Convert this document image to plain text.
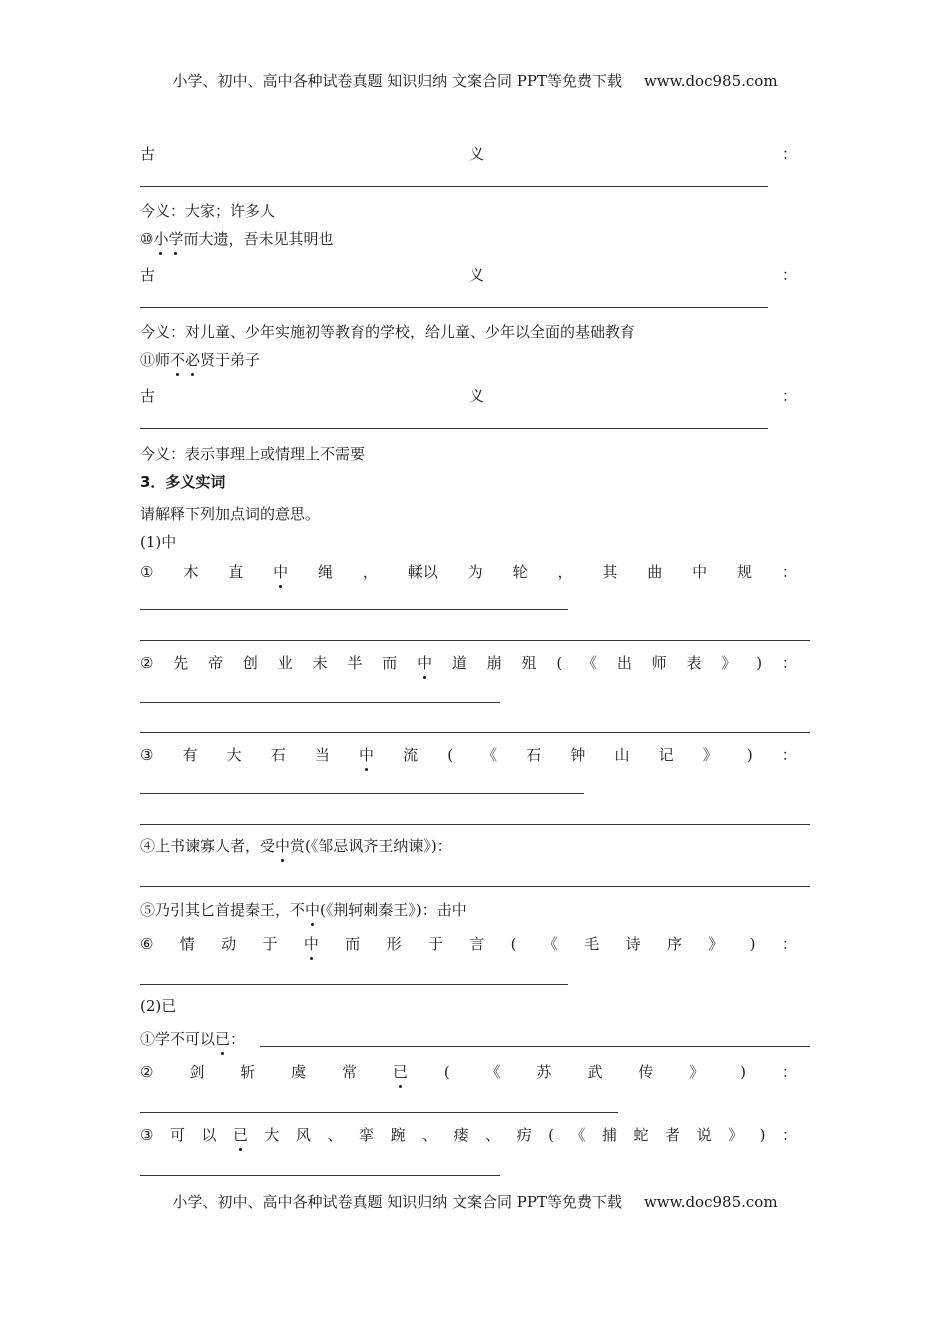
小学、初中、高中各种试卷真题 知识归纳 文案合同 PPT等免费下载 www.doc985.com
古	义	：
今义：大家；许多人
⑩小学而大遗，吾未见其明也
古	义	：
今义：对儿童、少年实施初等教育的学校，给儿童、少年以全面的基础教育
⑪师不必贤于弟子
古	义	：
今义：表示事理上或情理上不需要
3．多义实词
请解释下列加点词的意思。
(1)中
① 木 直 中 绳 ， 輮以 为 轮 ， 其 曲 中 规 ：
② 先 帝 创 业 未 半 而 中 道 崩 殂 ( 《 出 师 表 》 ) ：
③ 有 大 石 当 中 流 ( 《 石 钟 山 记 》 ) ：
④上书谏寡人者，受中赏(《邹忌讽齐王纳谏》)：
⑤乃引其匕首提秦王，不中(《荆轲刺秦王》)：击中
⑥ 情 动 于 中 而 形 于 言 ( 《 毛 诗 序 》 ) ：
(2)已
①学不可以已：
② 剑 斩 虞 常 已 ( 《 苏 武 传 》 ) ：
③ 可 以 已 大 风 、 挛 踠 、 瘘 、 疠 ( 《 捕 蛇 者 说 》 ) ：
小学、初中、高中各种试卷真题 知识归纳 文案合同 PPT等免费下载 www.doc985.com
